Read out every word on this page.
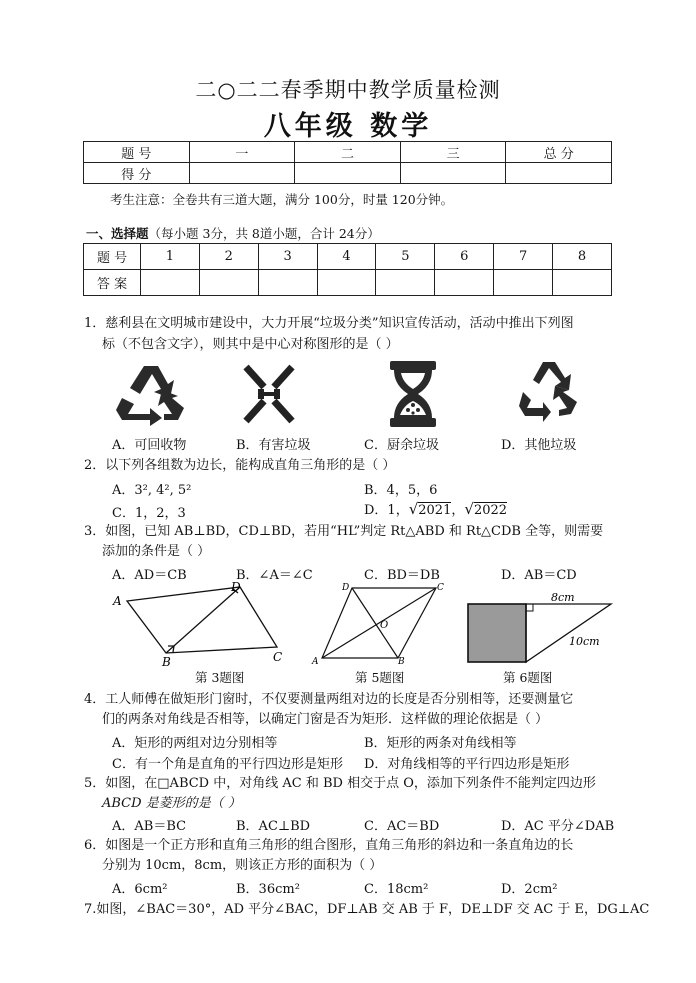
二○二二春季期中教学质量检测
八年级 数学
题 号	一	二	三	总 分
得 分				
考生注意：全卷共有三道大题，满分 100分，时量 120分钟。
一、选择题（每小题 3分，共 8道小题，合计 24分）
题 号	1	2	3	4	5	6	7	8
答 案								
1．慈利县在文明城市建设中，大力开展“垃圾分类”知识宣传活动，活动中推出下列图
标（不包含文字），则其中是中心对称图形的是（ ）
A．可回收物	B．有害垃圾	C．厨余垃圾	D．其他垃圾
2．以下列各组数为边长，能构成直角三角形的是（ ）
A．3², 4², 5²	B．4，5，6
C．1，2，3	D．1，√2021，√2022
3．如图，已知 AB⊥BD，CD⊥BD，若用“HL”判定 Rt△ABD 和 Rt△CDB 全等，则需要
添加的条件是（ ）
A．AD＝CB	B．∠A＝∠C	C．BD＝DB	D．AB＝CD
A
D
C
B
第 3题图
D	C
A	B
O
第 5题图
8cm
10cm
第 6题图
4．工人师傅在做矩形门窗时，不仅要测量两组对边的长度是否分别相等，还要测量它
们的两条对角线是否相等，以确定门窗是否为矩形．这样做的理论依据是（ ）
A．矩形的两组对边分别相等	B．矩形的两条对角线相等
C．有一个角是直角的平行四边形是矩形 D．对角线相等的平行四边形是矩形
5．如图，在□ABCD 中，对角线 AC 和 BD 相交于点 O，添加下列条件不能判定四边形
ABCD 是菱形的是（ ）
A．AB＝BC	B．AC⊥BD	C．AC＝BD	D．AC 平分∠DAB
6．如图是一个正方形和直角三角形的组合图形，直角三角形的斜边和一条直角边的长
分别为 10cm，8cm，则该正方形的面积为（ ）
A．6cm²	B．36cm²	C．18cm²	D．2cm²
7.如图，∠BAC＝30°，AD 平分∠BAC，DF⊥AB 交 AB 于 F，DE⊥DF 交 AC 于 E，DG⊥AC
